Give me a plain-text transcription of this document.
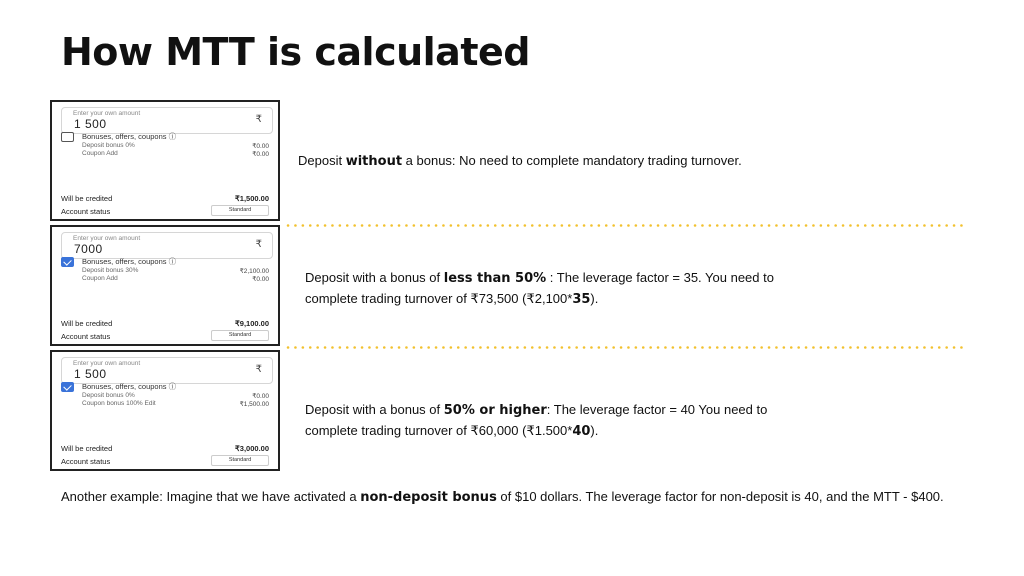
How MTT is calculated
Enter your own amount
1 500	₹
Bonuses, offers, coupons ⓘ
Deposit bonus 0%	₹0.00
Coupon Add	₹0.00
Will be credited	₹1,500.00
Account status	Standard
Enter your own amount
7000	₹
Bonuses, offers, coupons ⓘ
Deposit bonus 30%	₹2,100.00
Coupon Add	₹0.00
Will be credited	₹9,100.00
Account status	Standard
Enter your own amount
1 500	₹
Bonuses, offers, coupons ⓘ
Deposit bonus 0%	₹0.00
Coupon bonus 100% Edit	₹1,500.00
Will be credited	₹3,000.00
Account status	Standard
Deposit without a bonus: No need to complete mandatory trading turnover.
Deposit with a bonus of less than 50% : The leverage factor = 35. You need to complete trading turnover of ₹73,500 (₹2,100*35).
Deposit with a bonus of 50% or higher: The leverage factor = 40 You need to complete trading turnover of ₹60,000 (₹1.500*40).
Another example: Imagine that we have activated a non-deposit bonus of $10 dollars. The leverage factor for non-deposit is 40, and the MTT - $400.
